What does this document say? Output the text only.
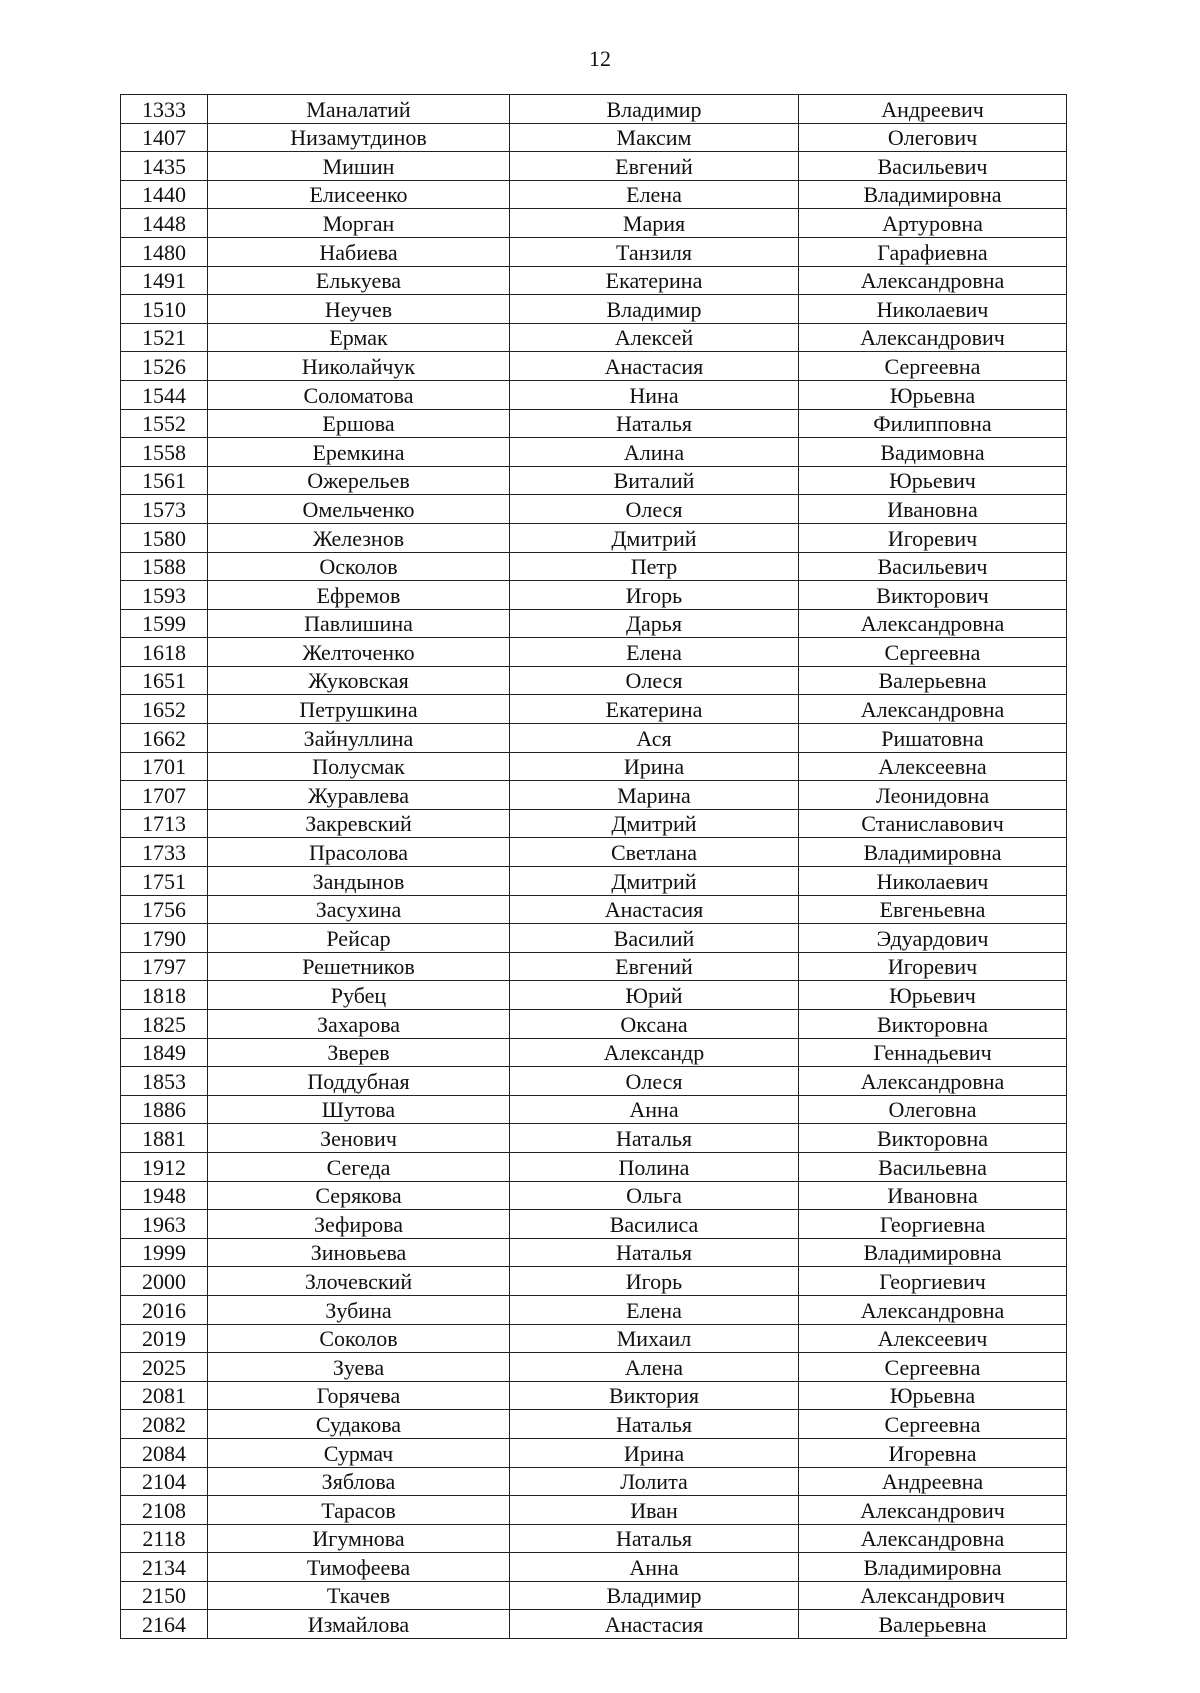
12
1333	Маналатий	Владимир	Андреевич
1407	Низамутдинов	Максим	Олегович
1435	Мишин	Евгений	Васильевич
1440	Елисеенко	Елена	Владимировна
1448	Морган	Мария	Артуровна
1480	Набиева	Танзиля	Гарафиевна
1491	Елькуева	Екатерина	Александровна
1510	Неучев	Владимир	Николаевич
1521	Ермак	Алексей	Александрович
1526	Николайчук	Анастасия	Сергеевна
1544	Соломатова	Нина	Юрьевна
1552	Ершова	Наталья	Филипповна
1558	Еремкина	Алина	Вадимовна
1561	Ожерельев	Виталий	Юрьевич
1573	Омельченко	Олеся	Ивановна
1580	Железнов	Дмитрий	Игоревич
1588	Осколов	Петр	Васильевич
1593	Ефремов	Игорь	Викторович
1599	Павлишина	Дарья	Александровна
1618	Желточенко	Елена	Сергеевна
1651	Жуковская	Олеся	Валерьевна
1652	Петрушкина	Екатерина	Александровна
1662	Зайнуллина	Ася	Ришатовна
1701	Полусмак	Ирина	Алексеевна
1707	Журавлева	Марина	Леонидовна
1713	Закревский	Дмитрий	Станиславович
1733	Прасолова	Светлана	Владимировна
1751	Зандынов	Дмитрий	Николаевич
1756	Засухина	Анастасия	Евгеньевна
1790	Рейсар	Василий	Эдуардович
1797	Решетников	Евгений	Игоревич
1818	Рубец	Юрий	Юрьевич
1825	Захарова	Оксана	Викторовна
1849	Зверев	Александр	Геннадьевич
1853	Поддубная	Олеся	Александровна
1886	Шутова	Анна	Олеговна
1881	Зенович	Наталья	Викторовна
1912	Сегеда	Полина	Васильевна
1948	Серякова	Ольга	Ивановна
1963	Зефирова	Василиса	Георгиевна
1999	Зиновьева	Наталья	Владимировна
2000	Злочевский	Игорь	Георгиевич
2016	Зубина	Елена	Александровна
2019	Соколов	Михаил	Алексеевич
2025	Зуева	Алена	Сергеевна
2081	Горячева	Виктория	Юрьевна
2082	Судакова	Наталья	Сергеевна
2084	Сурмач	Ирина	Игоревна
2104	Зяблова	Лолита	Андреевна
2108	Тарасов	Иван	Александрович
2118	Игумнова	Наталья	Александровна
2134	Тимофеева	Анна	Владимировна
2150	Ткачев	Владимир	Александрович
2164	Измайлова	Анастасия	Валерьевна
